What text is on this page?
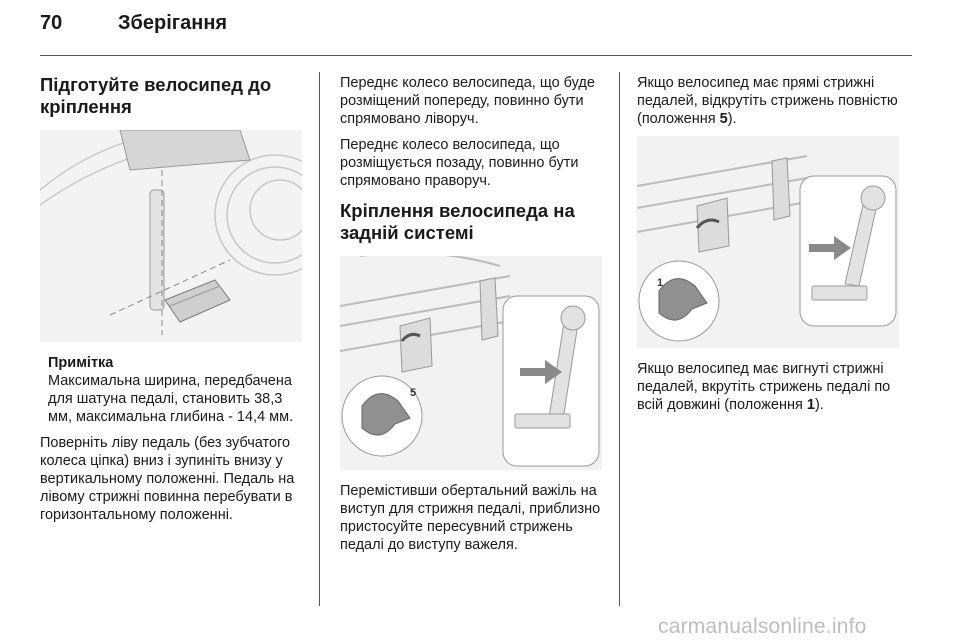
70	Зберігання
Підготуйте велосипед до кріплення
Примітка
Максимальна ширина, передбачена для шатуна педалі, становить 38,3 мм, максимальна глибина - 14,4 мм.

Поверніть ліву педаль (без зубчатого колеса ціпка) вниз і зупиніть внизу у вертикальному положенні. Педаль на лівому стрижні повинна перебувати в горизонтальному положенні.

Переднє колесо велосипеда, що буде розміщений попереду, повинно бути спрямовано ліворуч.

Переднє колесо велосипеда, що розміщується позаду, повинно бути спрямовано праворуч.

Кріплення велосипеда на задній системі
5

Перемістивши обертальний важіль на виступ для стрижня педалі, приблизно пристосуйте пересувний стрижень педалі до виступу важеля.

Якщо велосипед має прямі стрижні педалей, відкрутіть стрижень повністю (положення 5).

1

Якщо велосипед має вигнуті стрижні педалей, вкрутіть стрижень педалі по всій довжині (положення 1).

carmanualsonline.info
